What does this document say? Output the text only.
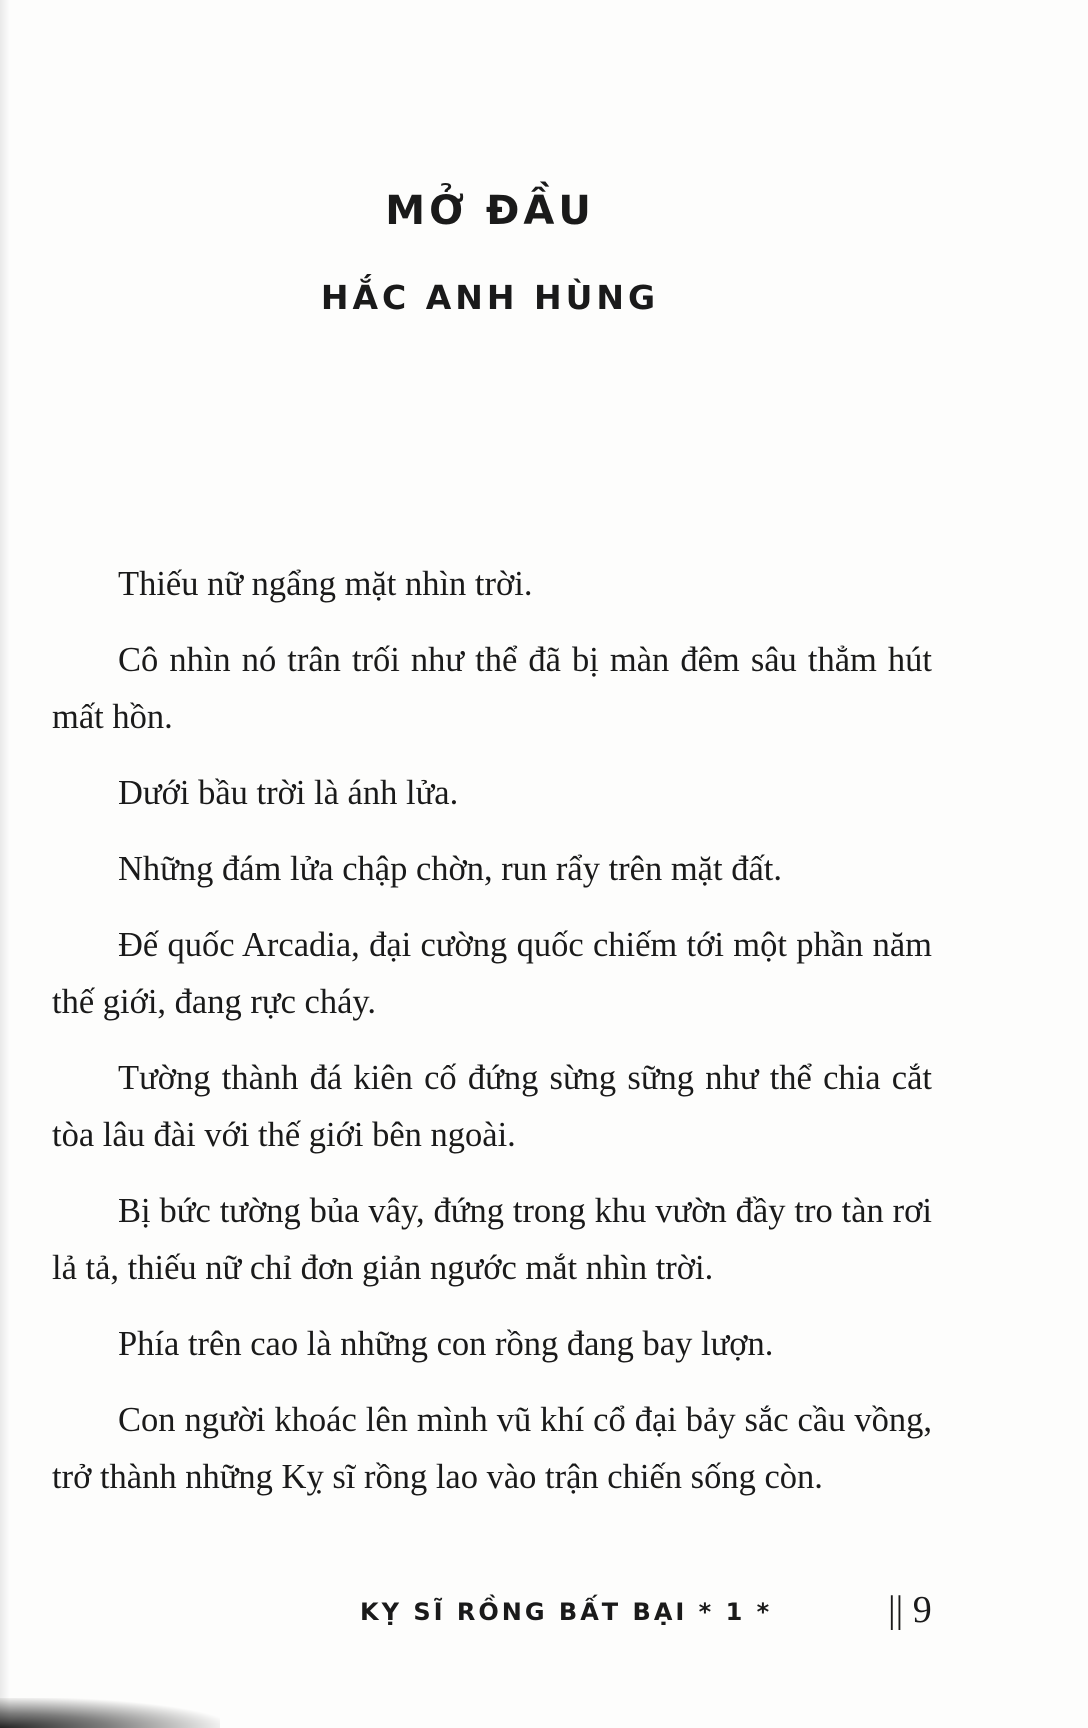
MỞ ĐẦU
HẮC ANH HÙNG

Thiếu nữ ngẩng mặt nhìn trời.

Cô nhìn nó trân trối như thể đã bị màn đêm sâu thẳm hút mất hồn.

Dưới bầu trời là ánh lửa.

Những đám lửa chập chờn, run rẩy trên mặt đất.

Đế quốc Arcadia, đại cường quốc chiếm tới một phần năm thế giới, đang rực cháy.

Tường thành đá kiên cố đứng sừng sững như thể chia cắt tòa lâu đài với thế giới bên ngoài.

Bị bức tường bủa vây, đứng trong khu vườn đầy tro tàn rơi lả tả, thiếu nữ chỉ đơn giản ngước mắt nhìn trời.

Phía trên cao là những con rồng đang bay lượn.

Con người khoác lên mình vũ khí cổ đại bảy sắc cầu vồng, trở thành những Kỵ sĩ rồng lao vào trận chiến sống còn.

KỴ SĨ RỒNG BẤT BẠI * 1 *	|| 9
